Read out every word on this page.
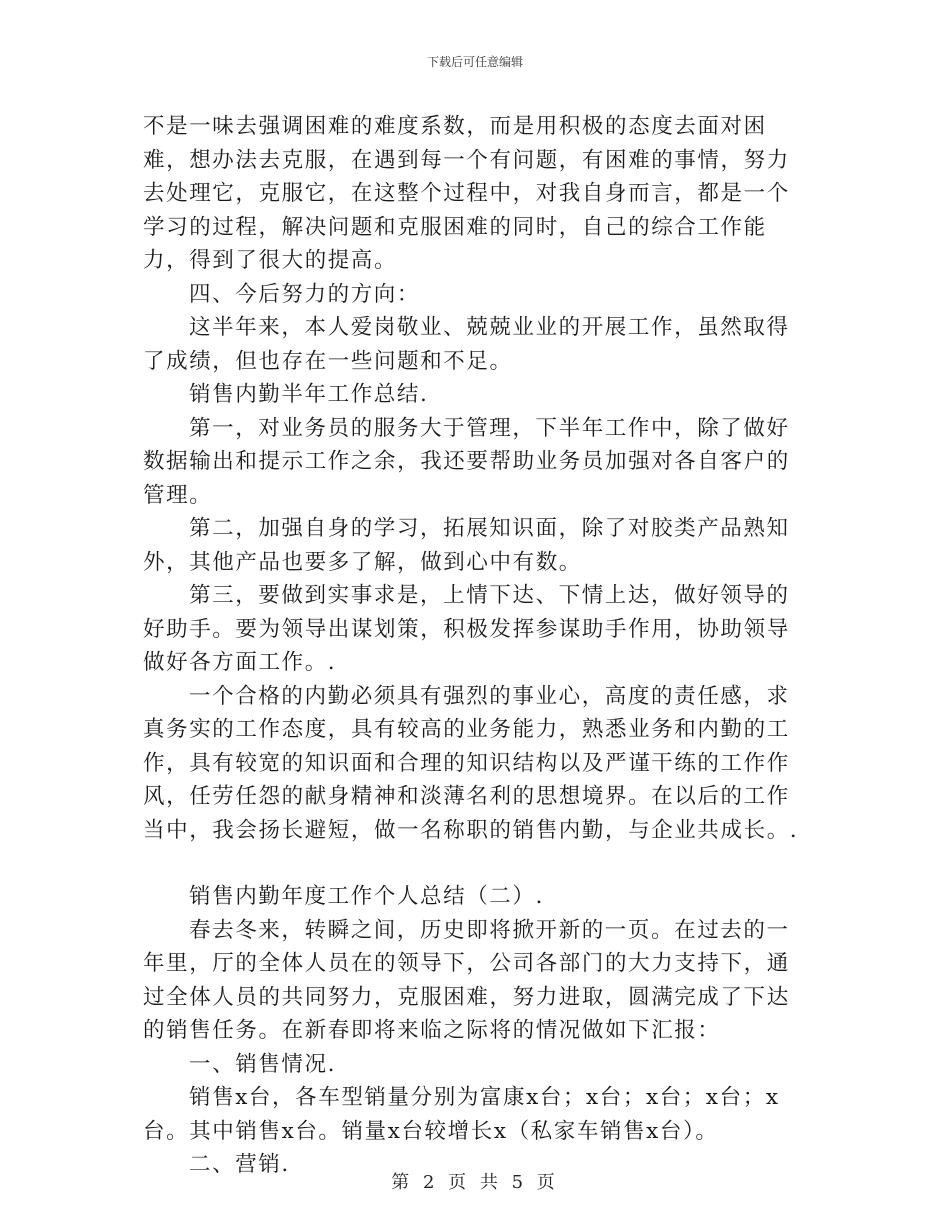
下载后可任意编辑

不是一味去强调困难的难度系数，而是用积极的态度去面对困难，想办法去克服，在遇到每一个有问题，有困难的事情，努力去处理它，克服它，在这整个过程中，对我自身而言，都是一个学习的过程，解决问题和克服困难的同时，自己的综合工作能力，得到了很大的提高。

四、今后努力的方向：

这半年来，本人爱岗敬业、兢兢业业的开展工作，虽然取得了成绩，但也存在一些问题和不足。

销售内勤半年工作总结.

第一，对业务员的服务大于管理，下半年工作中，除了做好数据输出和提示工作之余，我还要帮助业务员加强对各自客户的管理。

第二，加强自身的学习，拓展知识面，除了对胶类产品熟知外，其他产品也要多了解，做到心中有数。

第三，要做到实事求是，上情下达、下情上达，做好领导的好助手。要为领导出谋划策，积极发挥参谋助手作用，协助领导做好各方面工作。.

一个合格的内勤必须具有强烈的事业心，高度的责任感，求真务实的工作态度，具有较高的业务能力，熟悉业务和内勤的工作，具有较宽的知识面和合理的知识结构以及严谨干练的工作作风，任劳任怨的献身精神和淡薄名利的思想境界。在以后的工作当中，我会扬长避短，做一名称职的销售内勤，与企业共成长。.

销售内勤年度工作个人总结（二）.

春去冬来，转瞬之间，历史即将掀开新的一页。在过去的一年里，厅的全体人员在的领导下，公司各部门的大力支持下，通过全体人员的共同努力，克服困难，努力进取，圆满完成了下达的销售任务。在新春即将来临之际将的情况做如下汇报：

一、销售情况.

销售x台，各车型销量分别为富康x台；x台；x台；x台；x台。其中销售x台。销量x台较增长x（私家车销售x台）。

二、营销.

第 2 页 共 5 页
